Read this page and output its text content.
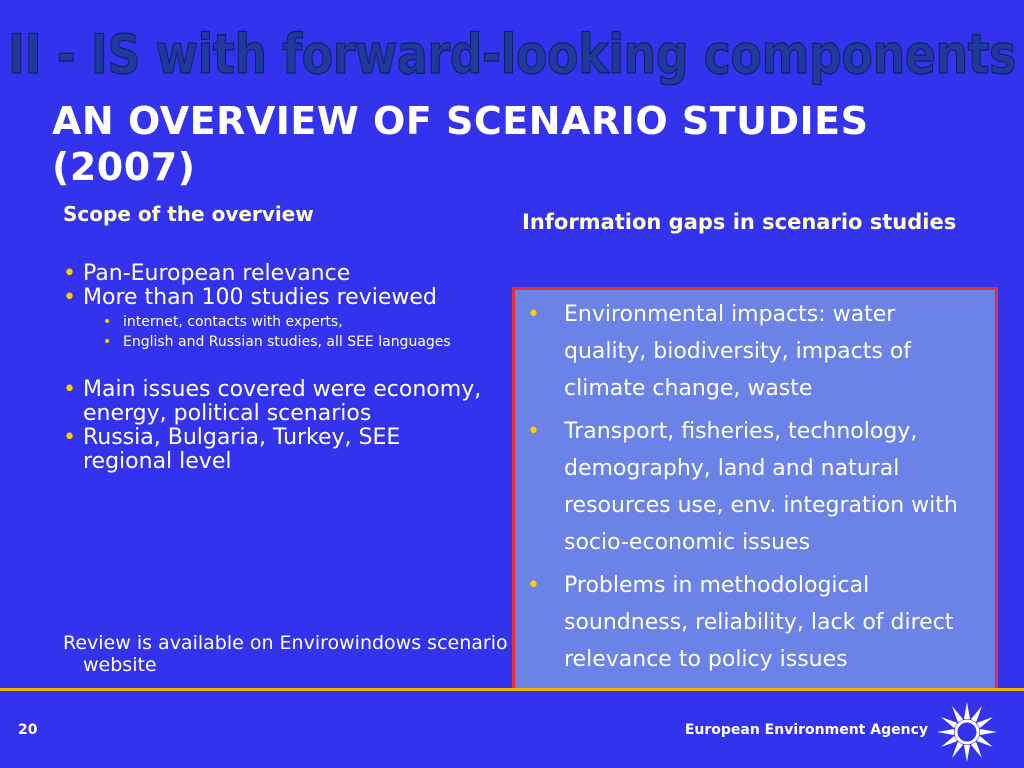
II - IS with forward-looking components
AN OVERVIEW OF SCENARIO STUDIES (2007)
Scope of the overview
• Pan-European relevance
• More than 100 studies reviewed
• internet, contacts with experts,
• English and Russian studies, all SEE languages
• Main issues covered were economy, energy, political scenarios
• Russia, Bulgaria, Turkey, SEE regional level
Review is available on Envirowindows scenario website
Information gaps in scenario studies
• Environmental impacts: water quality, biodiversity, impacts of climate change, waste
• Transport, fisheries, technology, demography, land and natural resources use, env. integration with socio-economic issues
• Problems in methodological soundness, reliability, lack of direct relevance to policy issues
20	European Environment Agency
